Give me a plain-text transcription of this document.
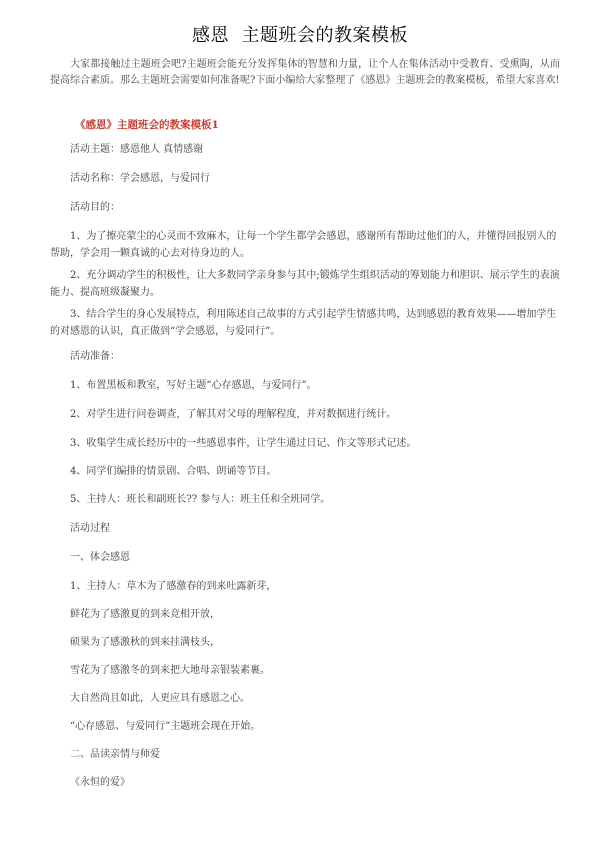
感恩  主题班会的教案模板
大家都接触过主题班会吧?主题班会能充分发挥集体的智慧和力量，让个人在集体活动中受教育、受熏陶，从而提高综合素质。那么主题班会需要如何准备呢?下面小编给大家整理了《感恩》主题班会的教案模板，希望大家喜欢!
《感恩》主题班会的教案模板1
活动主题：感恩他人 真情感谢
活动名称：学会感恩，与爱同行
活动目的：
1、为了擦亮蒙尘的心灵而不致麻木，让每一个学生都学会感恩，感谢所有帮助过他们的人，并懂得回报别人的帮助，学会用一颗真诚的心去对待身边的人。
2、充分调动学生的积极性，让大多数同学亲身参与其中;锻炼学生组织活动的筹划能力和胆识、展示学生的表演能力、提高班级凝聚力。
3、结合学生的身心发展特点，利用陈述自己故事的方式引起学生情感共鸣，达到感恩的教育效果——增加学生的对感恩的认识，真正做到“学会感恩，与爱同行”。
活动准备：
1、布置黑板和教室，写好主题“心存感恩，与爱同行”。
2、对学生进行问卷调查，了解其对父母的理解程度，并对数据进行统计。
3、收集学生成长经历中的一些感恩事件，让学生通过日记、作文等形式记述。
4、同学们编排的情景剧、合唱、朗诵等节目。
5、主持人：班长和副班长?? 参与人：班主任和全班同学。
活动过程
一、体会感恩
1、主持人：草木为了感激春的到来吐露新芽，
鲜花为了感激夏的到来竞相开放，
硕果为了感激秋的到来挂满枝头，
雪花为了感激冬的到来把大地母亲银装素裹。
大自然尚且如此，人更应具有感恩之心。
“心存感恩、与爱同行”主题班会现在开始。
二、品读亲情与师爱
《永恒的爱》
